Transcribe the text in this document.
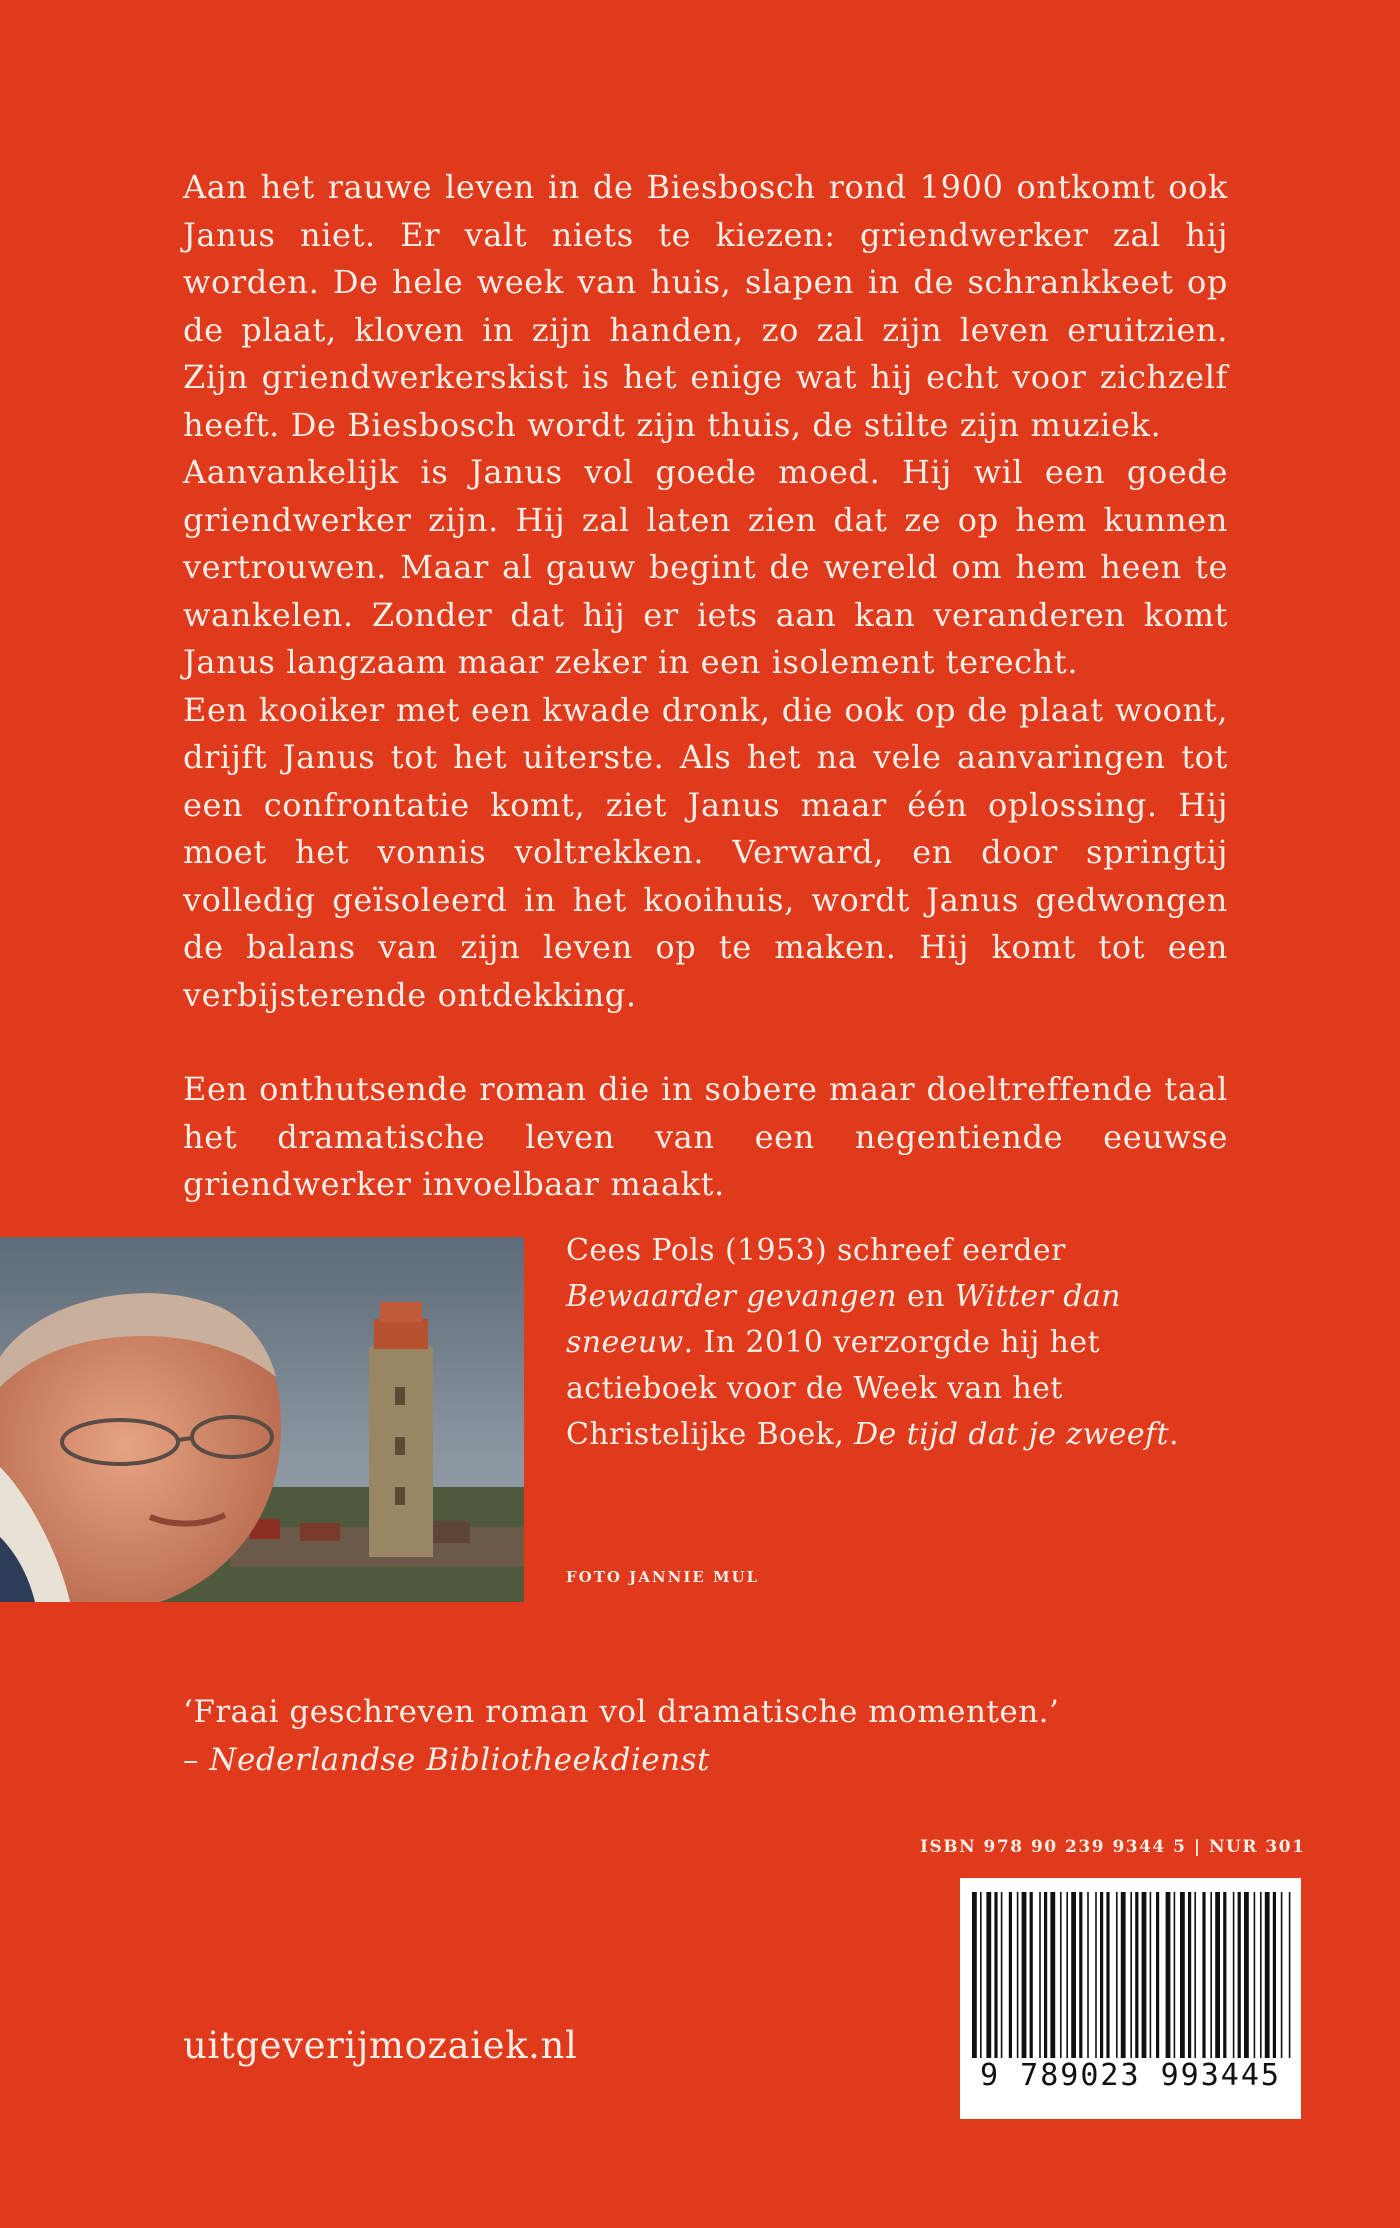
Aan het rauwe leven in de Biesbosch rond 1900 ontkomt ook Janus niet. Er valt niets te kiezen: griendwerker zal hij worden. De hele week van huis, slapen in de schrankkeet op de plaat, kloven in zijn handen, zo zal zijn leven eruitzien. Zijn griendwerkerskist is het enige wat hij echt voor zichzelf heeft. De Biesbosch wordt zijn thuis, de stilte zijn muziek.

Aanvankelijk is Janus vol goede moed. Hij wil een goede griendwerker zijn. Hij zal laten zien dat ze op hem kunnen vertrouwen. Maar al gauw begint de wereld om hem heen te wankelen. Zonder dat hij er iets aan kan veranderen komt Janus langzaam maar zeker in een isolement terecht.

Een kooiker met een kwade dronk, die ook op de plaat woont, drijft Janus tot het uiterste. Als het na vele aanvaringen tot een confrontatie komt, ziet Janus maar één oplossing. Hij moet het vonnis voltrekken. Verward, en door springtij volledig geïsoleerd in het kooihuis, wordt Janus gedwongen de balans van zijn leven op te maken. Hij komt tot een verbijsterende ontdekking.

Een onthutsende roman die in sobere maar doeltreffende taal het dramatische leven van een negentiende eeuwse griendwerker invoelbaar maakt.

Cees Pols (1953) schreef eerder Bewaarder gevangen en Witter dan sneeuw. In 2010 verzorgde hij het actieboek voor de Week van het Christelijke Boek, De tijd dat je zweeft.

FOTO JANNIE MUL
‘Fraai geschreven roman vol dramatische momenten.’
– Nederlandse Bibliotheekdienst
ISBN 978 90 239 9344 5 | NUR 301
9 789023 993445
uitgeverijmozaiek.nl
